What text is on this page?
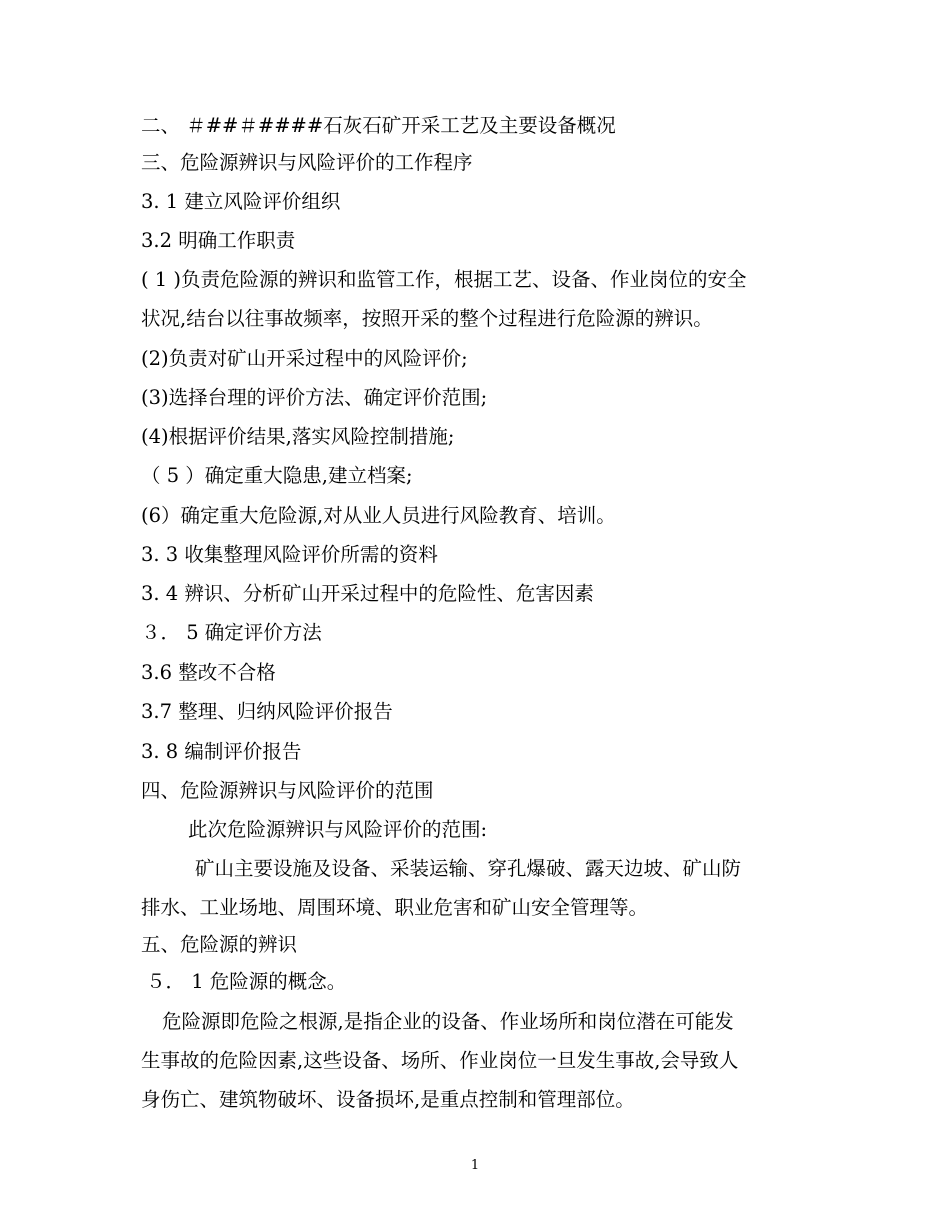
二、 ＃##＃####石灰石矿开采工艺及主要设备概况
三、危险源辨识与风险评价的工作程序
3. 1 建立风险评价组织
3.2 明确工作职责
( 1 )负责危险源的辨识和监管工作，根据工艺、设备、作业岗位的安全
状况,结台以往事故频率，按照开采的整个过程进行危险源的辨识。
(2)负责对矿山开采过程中的风险评价;
(3)选择台理的评价方法、确定评价范围;
(4)根据评价结果,落实风险控制措施;
（ 5 ）确定重大隐患,建立档案;
(6）确定重大危险源,对从业人员进行风险教育、培训。
3. 3 收集整理风险评价所需的资料
3. 4 辨识、分析矿山开采过程中的危险性、危害因素
３． 5 确定评价方法
3.6 整改不合格
3.7 整理、归纳风险评价报告
3. 8 编制评价报告
四、危险源辨识与风险评价的范围
此次危险源辨识与风险评价的范围:
矿山主要设施及设备、采装运输、穿孔爆破、露天边坡、矿山防
排水、工业场地、周围环境、职业危害和矿山安全管理等。
五、危险源的辨识
５． 1 危险源的概念。
危险源即危险之根源,是指企业的设备、作业场所和岗位潜在可能发
生事故的危险因素,这些设备、场所、作业岗位一旦发生事故,会导致人
身伤亡、建筑物破坏、设备损坏,是重点控制和管理部位。
1
